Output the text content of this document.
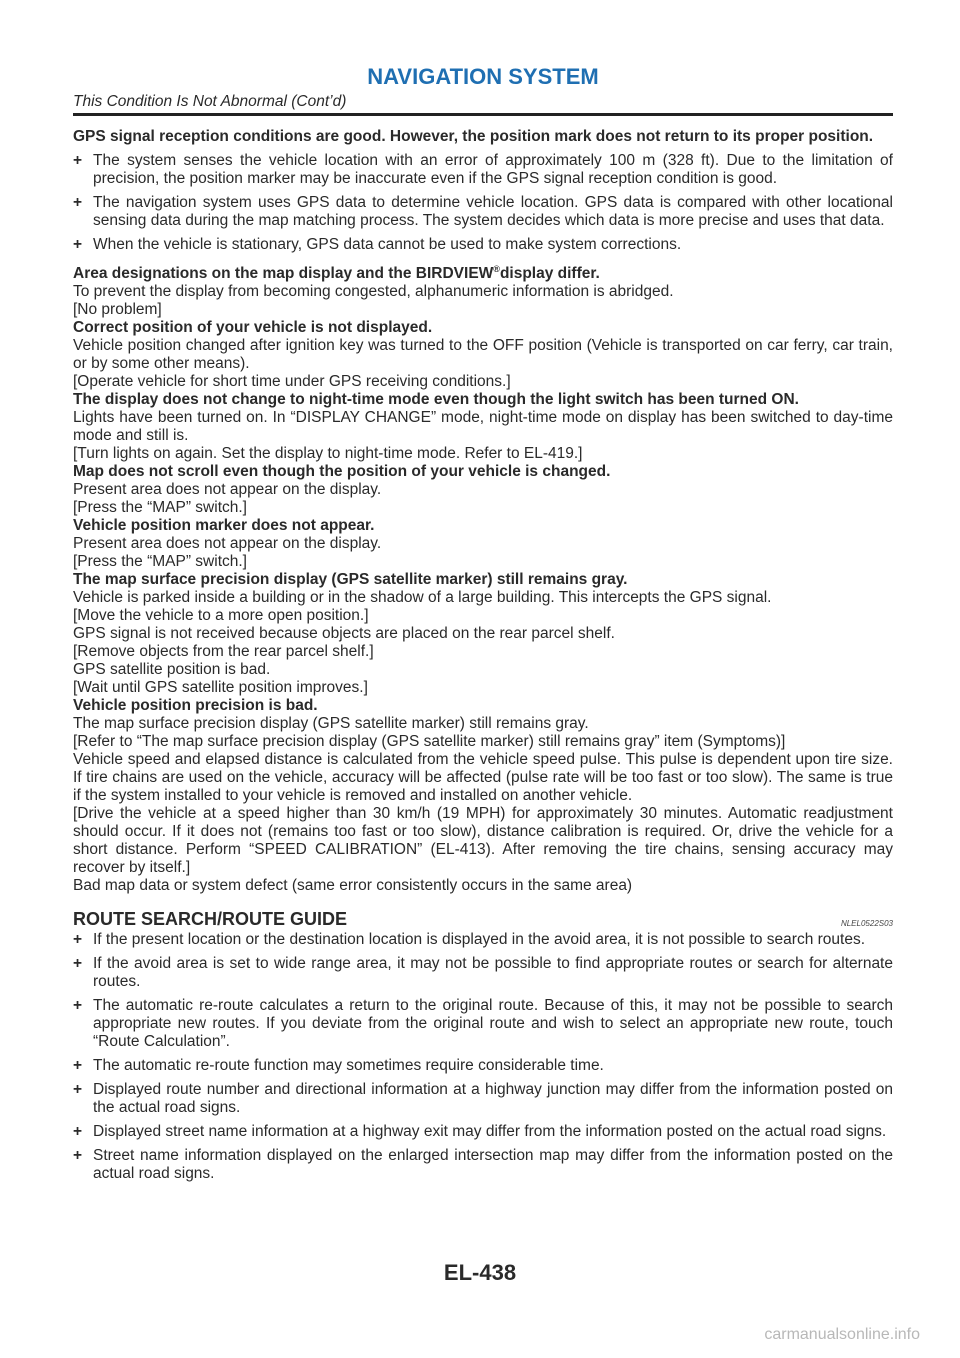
NAVIGATION SYSTEM
This Condition Is Not Abnormal (Cont’d)

GPS signal reception conditions are good. However, the position mark does not return to its proper position.

+ The system senses the vehicle location with an error of approximately 100 m (328 ft). Due to the limitation of precision, the position marker may be inaccurate even if the GPS signal reception condition is good.
+ The navigation system uses GPS data to determine vehicle location. GPS data is compared with other locational sensing data during the map matching process. The system decides which data is more precise and uses that data.
+ When the vehicle is stationary, GPS data cannot be used to make system corrections.

Area designations on the map display and the BIRDVIEW®display differ.

To prevent the display from becoming congested, alphanumeric information is abridged.

[No problem]

Correct position of your vehicle is not displayed.

Vehicle position changed after ignition key was turned to the OFF position (Vehicle is transported on car ferry, car train, or by some other means).

[Operate vehicle for short time under GPS receiving conditions.]

The display does not change to night-time mode even though the light switch has been turned ON.

Lights have been turned on. In “DISPLAY CHANGE” mode, night-time mode on display has been switched to day-time mode and still is.

[Turn lights on again. Set the display to night-time mode. Refer to EL-419.]

Map does not scroll even though the position of your vehicle is changed.

Present area does not appear on the display.

[Press the “MAP” switch.]

Vehicle position marker does not appear.

Present area does not appear on the display.

[Press the “MAP” switch.]

The map surface precision display (GPS satellite marker) still remains gray.

Vehicle is parked inside a building or in the shadow of a large building. This intercepts the GPS signal.

[Move the vehicle to a more open position.]

GPS signal is not received because objects are placed on the rear parcel shelf.

[Remove objects from the rear parcel shelf.]

GPS satellite position is bad.

[Wait until GPS satellite position improves.]

Vehicle position precision is bad.

The map surface precision display (GPS satellite marker) still remains gray.

[Refer to “The map surface precision display (GPS satellite marker) still remains gray” item (Symptoms)]

Vehicle speed and elapsed distance is calculated from the vehicle speed pulse. This pulse is dependent upon tire size. If tire chains are used on the vehicle, accuracy will be affected (pulse rate will be too fast or too slow). The same is true if the system installed to your vehicle is removed and installed on another vehicle.

[Drive the vehicle at a speed higher than 30 km/h (19 MPH) for approximately 30 minutes. Automatic readjustment should occur. If it does not (remains too fast or too slow), distance calibration is required. Or, drive the vehicle for a short distance. Perform “SPEED CALIBRATION” (EL-413). After removing the tire chains, sensing accuracy may recover by itself.]

Bad map data or system defect (same error consistently occurs in the same area)

ROUTE SEARCH/ROUTE GUIDE	NLEL0522S03
+ If the present location or the destination location is displayed in the avoid area, it is not possible to search routes.
+ If the avoid area is set to wide range area, it may not be possible to find appropriate routes or search for alternate routes.
+ The automatic re-route calculates a return to the original route. Because of this, it may not be possible to search appropriate new routes. If you deviate from the original route and wish to select an appropriate new route, touch “Route Calculation”.
+ The automatic re-route function may sometimes require considerable time.
+ Displayed route number and directional information at a highway junction may differ from the information posted on the actual road signs.
+ Displayed street name information at a highway exit may differ from the information posted on the actual road signs.
+ Street name information displayed on the enlarged intersection map may differ from the information posted on the actual road signs.
EL-438
carmanualsonline.info
